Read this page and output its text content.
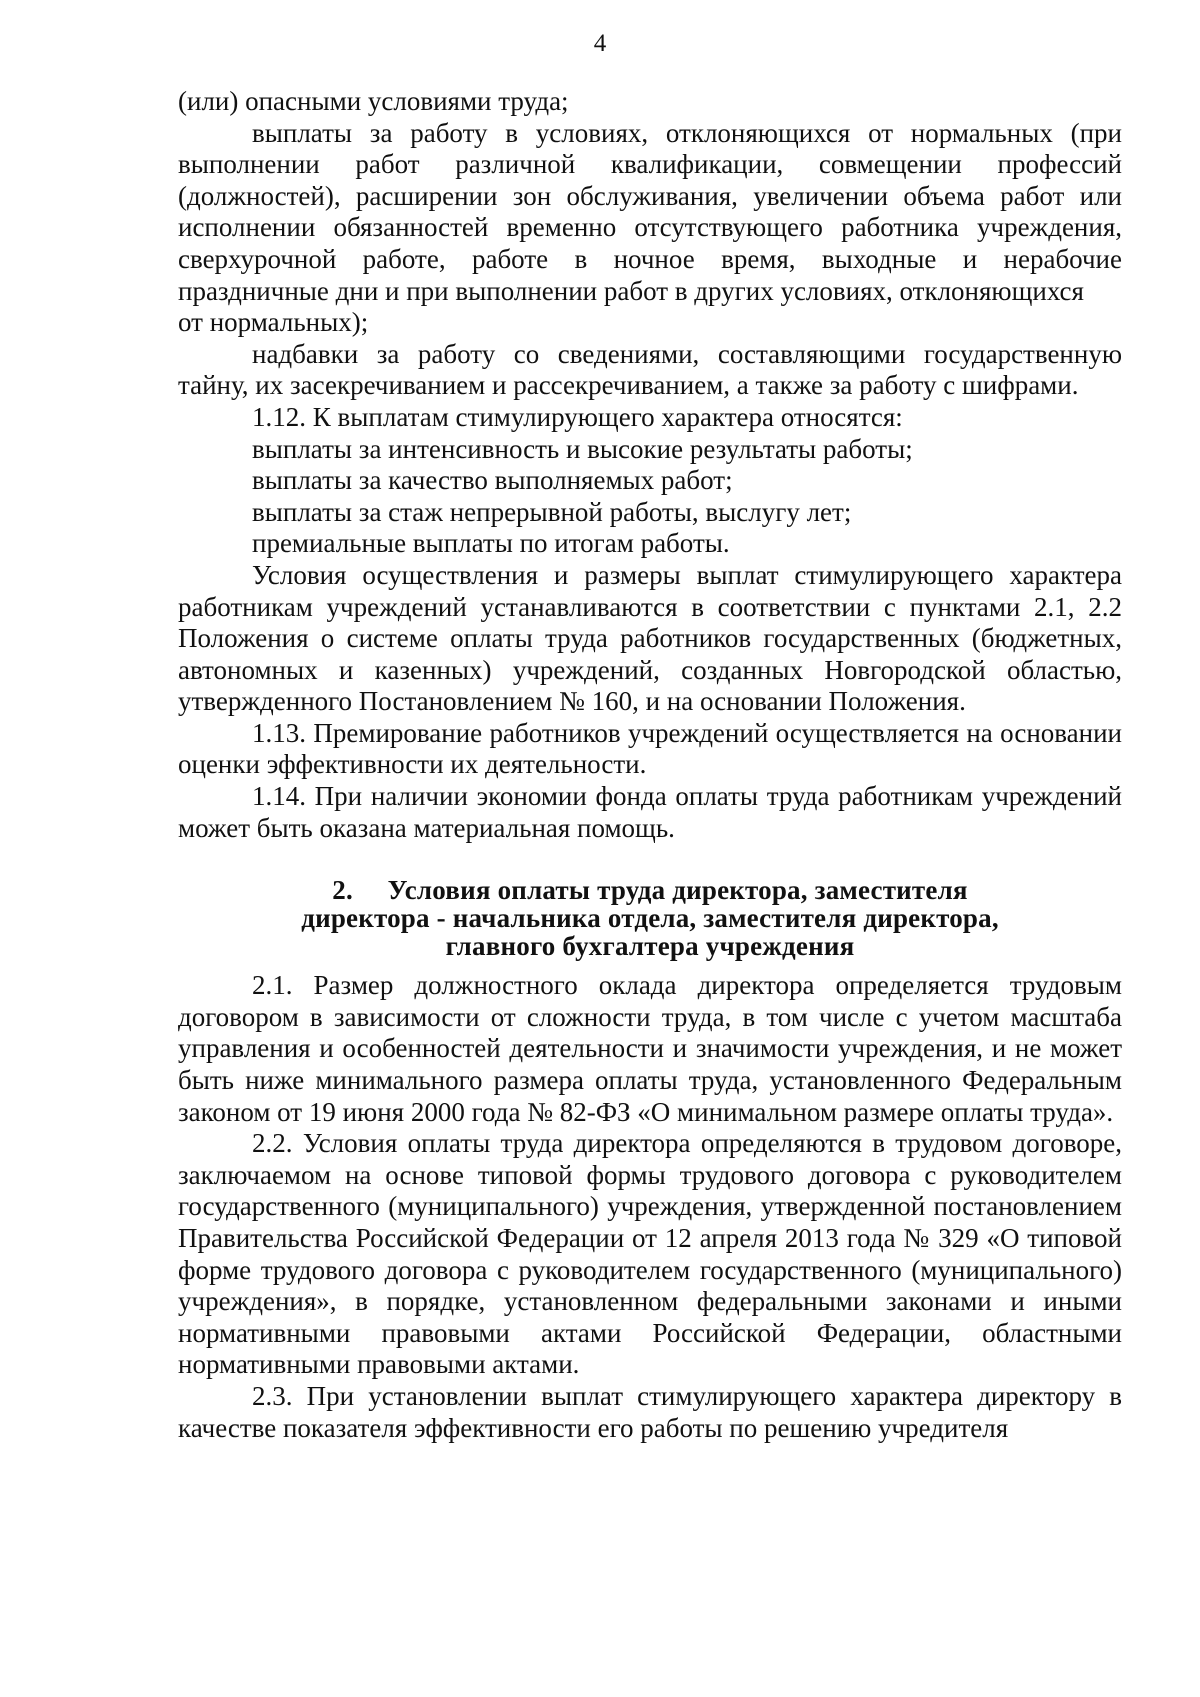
4

(или) опасными условиями труда;

выплаты за работу в условиях, отклоняющихся от нормальных (при выполнении работ различной квалификации, совмещении профессий (должностей), расширении зон обслуживания, увеличении объема работ или исполнении обязанностей временно отсутствующего работника учреждения, сверхурочной работе, работе в ночное время, выходные и нерабочие праздничные дни и при выполнении работ в других условиях, отклоняющихся

от нормальных);

надбавки за работу со сведениями, составляющими государственную тайну, их засекречиванием и рассекречиванием, а также за работу с шифрами.

1.12. К выплатам стимулирующего характера относятся:

выплаты за интенсивность и высокие результаты работы;

выплаты за качество выполняемых работ;

выплаты за стаж непрерывной работы, выслугу лет;

премиальные выплаты по итогам работы.

Условия осуществления и размеры выплат стимулирующего характера работникам учреждений устанавливаются в соответствии с пунктами 2.1, 2.2 Положения о системе оплаты труда работников государственных (бюджетных, автономных и казенных) учреждений, созданных Новгородской областью, утвержденного Постановлением № 160, и на основании Положения.

1.13. Премирование работников учреждений осуществляется на основании оценки эффективности их деятельности.

1.14. При наличии экономии фонда оплаты труда работникам учреждений может быть оказана материальная помощь.

2.     Условия оплаты труда директора, заместителя
директора - начальника отдела, заместителя директора,
главного бухгалтера учреждения

2.1. Размер должностного оклада директора определяется трудовым договором в зависимости от сложности труда, в том числе с учетом масштаба управления и особенностей деятельности и значимости учреждения, и не может быть ниже минимального размера оплаты труда, установленного Федеральным законом от 19 июня 2000 года № 82-ФЗ «О минимальном размере оплаты труда».

2.2. Условия оплаты труда директора определяются в трудовом договоре, заключаемом на основе типовой формы трудового договора с руководителем государственного (муниципального) учреждения, утвержденной постановлением Правительства Российской Федерации от 12 апреля 2013 года № 329 «О типовой форме трудового договора с руководителем государственного (муниципального) учреждения», в порядке, установленном федеральными законами и иными нормативными правовыми актами Российской Федерации, областными нормативными правовыми актами.

2.3. При установлении выплат стимулирующего характера директору в качестве показателя эффективности его работы по решению учредителя
